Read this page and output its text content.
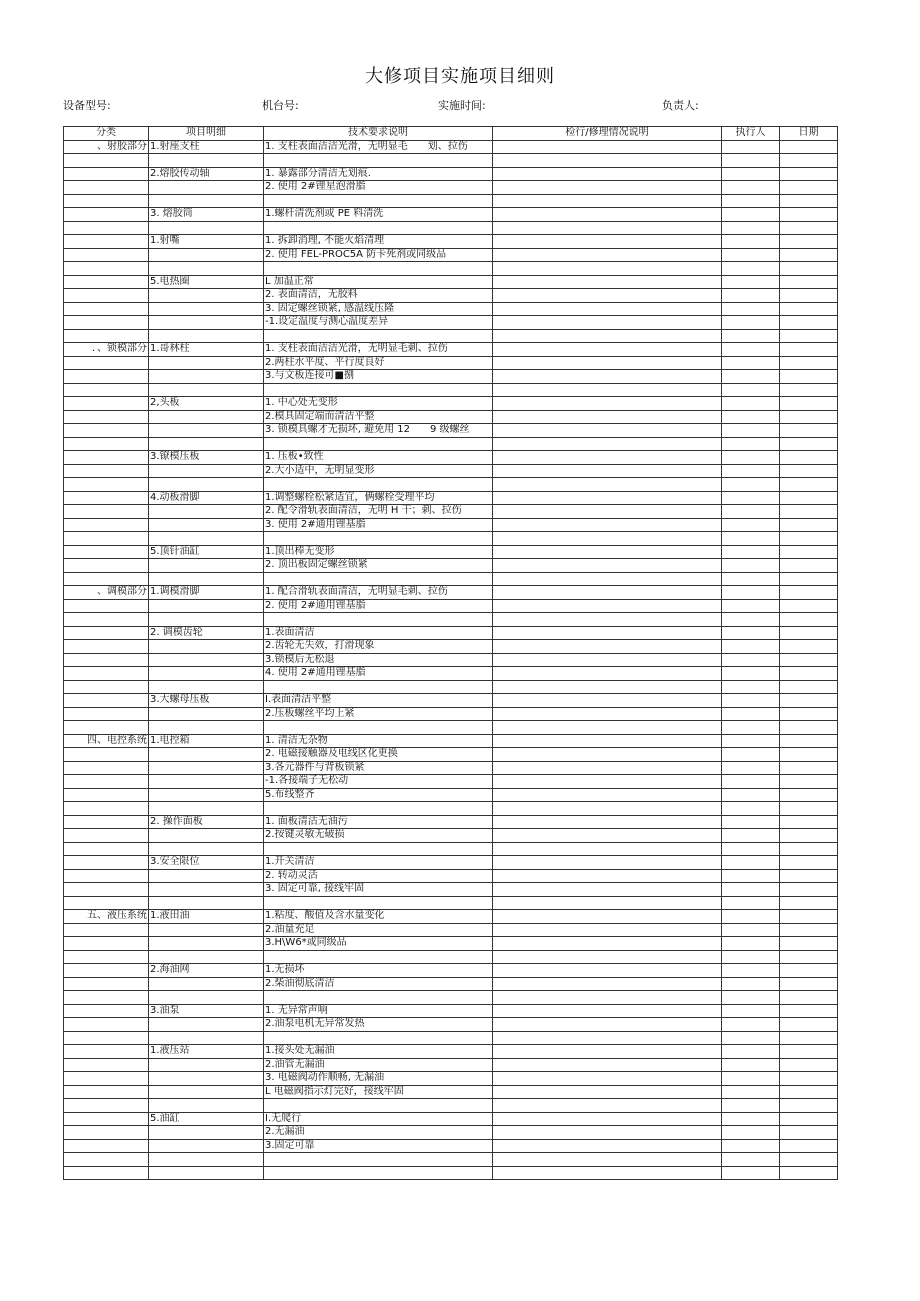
大修项目实施项目细则
设备型号:	机台号:	实施时间:	负责人:
分类	项目明细	技术要求说明	检行/修理情况说明	执行人	日期
、射胶部分	1.射座支柱	1. 支柱表面洁洁光滑，无明显毛　　划、拉伤			

	2.熔胶传动轴	1. 暴露部分清洁无划痕.			
		2. 使用 2#锂星泡滑脂			

	3. 熔胶筒	1.螺杆清洗剂或 PE 料清洗			

	1.射嘴	1. 拆卸消理, 不能火焰清理			
		2. 使用 FEL-PROC5A 防卡死剂或同级品			

	5.电热圈	L 加温正常			
		2. 表面清洁，无胶料			
		3. 固定螺丝锁紧, 感温线压隆			
		-1.设定温度与测心温度差异			

．、锁模部分	1.哥林柱	1. 支柱表面洁洁光滑，无明显毛刺、拉伤			
		2.两柱水平度、平行度良好			
		3.与文板连接可■捌			

	2,头板	1. 中心处无变形			
		2.模具固定端而清洁平整			
		3. 锁模具螺才无损坏, 避免用 12　　9 级螺丝			

	3.镣模压板	1. 压板•致性			
		2.大小适中，无明显变形			

	4.动板滑脚	1.调整螺栓松紧适宜，俩螺栓受理平均			
		2. 配令滑轨表面清洁，无明 H 干；刺、拉伤			
		3. 使用 2#通用锂基脂			

	5.顶针油缸	1.顶出棒无变形			
		2. 顶出板固定螺丝锁紧			

、调模部分	1.调模滑脚	1. 配合滑轨表面清洁，无明显毛刺、拉伤			
		2. 使用 2#通用锂基脂			

	2. 调模齿轮	1.表面清洁			
		2.齿轮无失效，打滑现象			
		3.锁模后无松退			
		4. 使用 2#通用锂基脂			

	3.大螺母压板	I.表面清洁平整			
		2.压板螺丝平均上紧			

四、电控系统	1.电控箱	1. 清洁无杂物			
		2. 电磁接触器及电线区化更换			
		3.各元器件与背板锁紧			
		-1.各接端子无松动			
		5.布线整齐			

	2. 操作面板	1. 面板清沽无油污			
		2.按键灵敏无破损			

	3.安全限位	1.开关清洁			
		2. 转动灵活			
		3. 固定可靠, 接线牢固			

五、液压系统	1.液田油	1.粘度、酸值及含水量变化			
		2.油量充足			
		3.H\W6*或同级品			

	2.海油网	1.无损坏			
		2.柴油彻底清洁			

	3.油泵	1. 无异常声响			
		2.油泵电机无异常发热			

	1.液压站	1.接头处无漏油			
		2.油管无漏油			
		3. 电磁阀动作顺畅, 无漏油			
		L 电磁阀指示灯完好，接线牢固			

	5.油缸	I.无爬行			
		2.无漏油			
		3.固定可靠			
